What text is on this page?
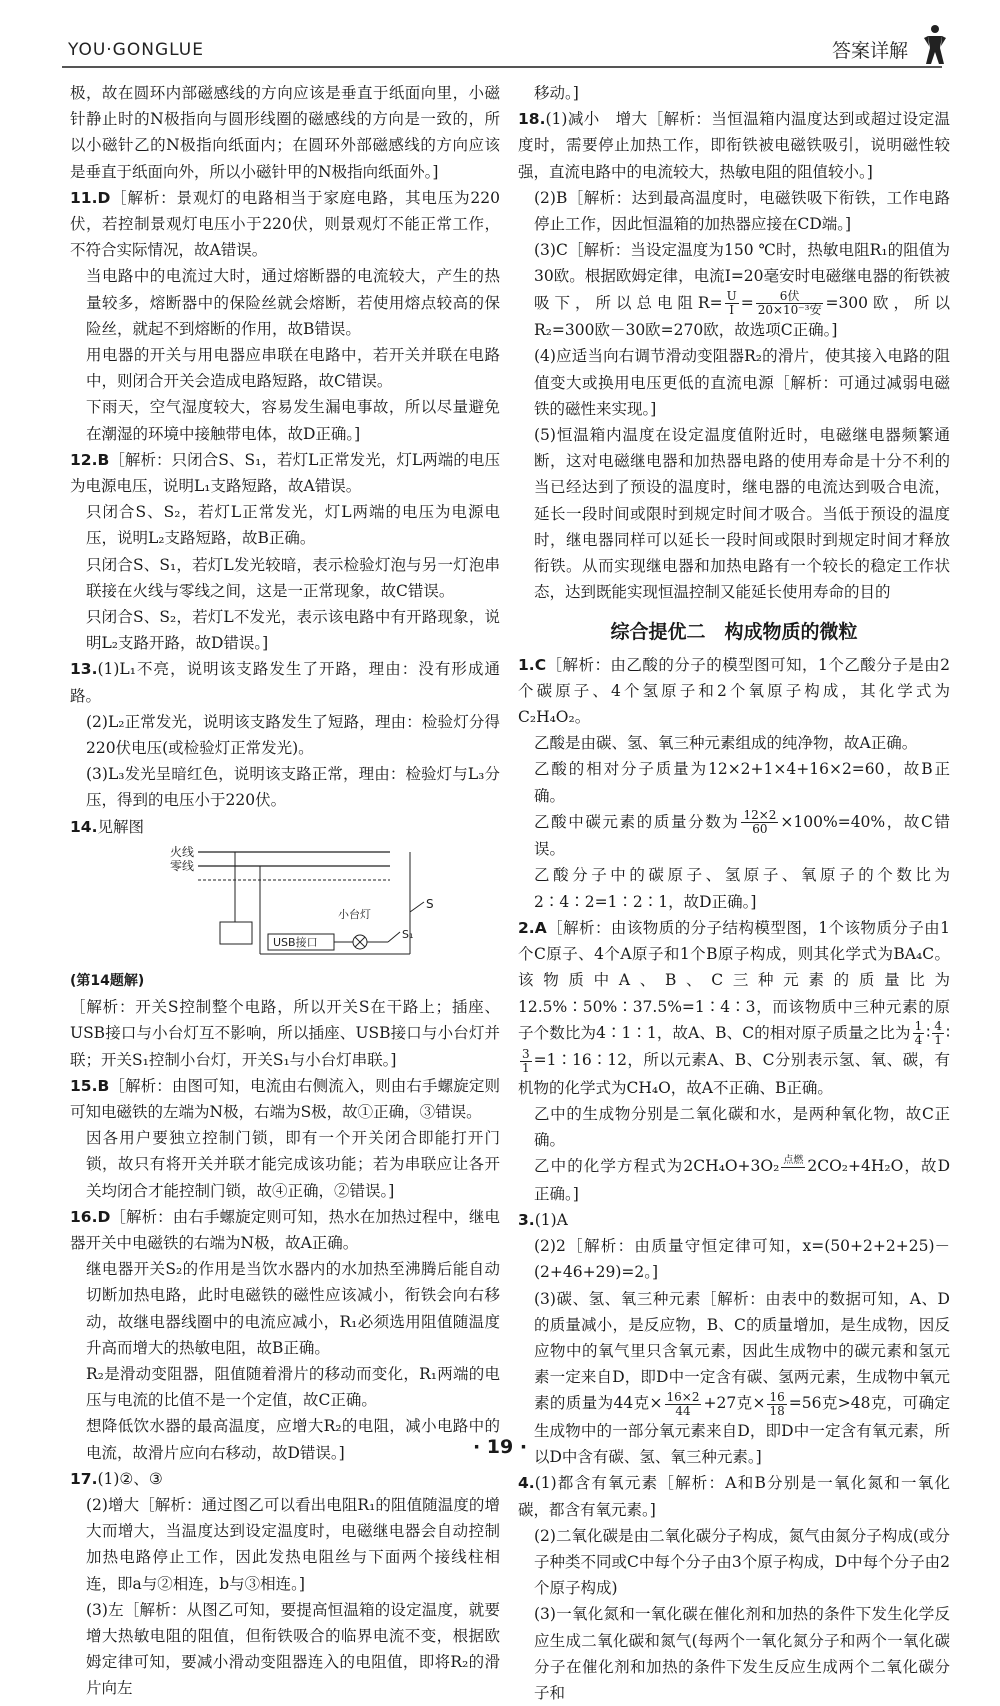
YOU·GONGLUE	答案详解

极，故在圆环内部磁感线的方向应该是垂直于纸面向里，小磁针静止时的N极指向与圆形线圈的磁感线的方向是一致的，所以小磁针乙的N极指向纸面内；在圆环外部磁感线的方向应该是垂直于纸面向外，所以小磁针甲的N极指向纸面外。]

11.D［解析：景观灯的电路相当于家庭电路，其电压为220伏，若控制景观灯电压小于220伏，则景观灯不能正常工作，不符合实际情况，故A错误。

当电路中的电流过大时，通过熔断器的电流较大，产生的热量较多，熔断器中的保险丝就会熔断，若使用熔点较高的保险丝，就起不到熔断的作用，故B错误。

用电器的开关与用电器应串联在电路中，若开关并联在电路中，则闭合开关会造成电路短路，故C错误。

下雨天，空气湿度较大，容易发生漏电事故，所以尽量避免在潮湿的环境中接触带电体，故D正确。]

12.B［解析：只闭合S、S₁，若灯L正常发光，灯L两端的电压为电源电压，说明L₁支路短路，故A错误。

只闭合S、S₂，若灯L正常发光，灯L两端的电压为电源电压，说明L₂支路短路，故B正确。

只闭合S、S₁，若灯L发光较暗，表示检验灯泡与另一灯泡串联接在火线与零线之间，这是一正常现象，故C错误。

只闭合S、S₂，若灯L不发光，表示该电路中有开路现象，说明L₂支路开路，故D错误。]

13.(1)L₁不亮，说明该支路发生了开路，理由：没有形成通路。

(2)L₂正常发光，说明该支路发生了短路，理由：检验灯分得220伏电压(或检验灯正常发光)。

(3)L₃发光呈暗红色，说明该支路正常，理由：检验灯与L₃分压，得到的电压小于220伏。

14.见解图

火线
零线
USB接口
小台灯
S₁
S

(第14题解)

［解析：开关S控制整个电路，所以开关S在干路上；插座、USB接口与小台灯互不影响，所以插座、USB接口与小台灯并联；开关S₁控制小台灯，开关S₁与小台灯串联。]

15.B［解析：由图可知，电流由右侧流入，则由右手螺旋定则可知电磁铁的左端为N极，右端为S极，故①正确，③错误。

因各用户要独立控制门锁，即有一个开关闭合即能打开门锁，故只有将开关并联才能完成该功能；若为串联应让各开关均闭合才能控制门锁，故④正确，②错误。]

16.D［解析：由右手螺旋定则可知，热水在加热过程中，继电器开关中电磁铁的右端为N极，故A正确。

继电器开关S₂的作用是当饮水器内的水加热至沸腾后能自动切断加热电路，此时电磁铁的磁性应该减小，衔铁会向右移动，故继电器线圈中的电流应减小，R₁必须选用阻值随温度升高而增大的热敏电阻，故B正确。

R₂是滑动变阻器，阻值随着滑片的移动而变化，R₁两端的电压与电流的比值不是一个定值，故C正确。

想降低饮水器的最高温度，应增大R₂的电阻，减小电路中的电流，故滑片应向右移动，故D错误。]

17.(1)②、③

(2)增大［解析：通过图乙可以看出电阻R₁的阻值随温度的增大而增大，当温度达到设定温度时，电磁继电器会自动控制加热电路停止工作，因此发热电阻丝与下面两个接线柱相连，即a与②相连，b与③相连。]

(3)左［解析：从图乙可知，要提高恒温箱的设定温度，就要增大热敏电阻的阻值，但衔铁吸合的临界电流不变，根据欧姆定律可知，要减小滑动变阻器连入的电阻值，即将R₂的滑片向左

移动。]

18.(1)减小　增大［解析：当恒温箱内温度达到或超过设定温度时，需要停止加热工作，即衔铁被电磁铁吸引，说明磁性较强，直流电路中的电流较大，热敏电阻的阻值较小。]

(2)B［解析：达到最高温度时，电磁铁吸下衔铁，工作电路停止工作，因此恒温箱的加热器应接在CD端。]

(3)C［解析：当设定温度为150 ℃时，热敏电阻R₁的阻值为30欧。根据欧姆定律，电流I=20毫安时电磁继电器的衔铁被吸下，所以总电阻$R= \frac{U}{I} = \frac{\text{6伏}}{\text{20×10⁻³安}} =300$欧，所以R₂=300欧－30欧=270欧，故选项C正确。]

(4)应适当向右调节滑动变阻器R₂的滑片，使其接入电路的阻值变大或换用电压更低的直流电源［解析：可通过减弱电磁铁的磁性来实现。]

(5)恒温箱内温度在设定温度值附近时，电磁继电器频繁通断，这对电磁继电器和加热器电路的使用寿命是十分不利的　当已经达到了预设的温度时，继电器的电流达到吸合电流，延长一段时间或限时到规定时间才吸合。当低于预设的温度时，继电器同样可以延长一段时间或限时到规定时间才释放衔铁。从而实现继电器和加热电路有一个较长的稳定工作状态，达到既能实现恒温控制又能延长使用寿命的目的

综合提优二　构成物质的微粒

1.C［解析：由乙酸的分子的模型图可知，1个乙酸分子是由2个碳原子、4个氢原子和2个氧原子构成，其化学式为C₂H₄O₂。

乙酸是由碳、氢、氧三种元素组成的纯净物，故A正确。

乙酸的相对分子质量为12×2+1×4+16×2=60，故B正确。

乙酸中碳元素的质量分数为 $\frac{12\times 2}{60} \times 100\%=40\%$，故C错误。

乙酸分子中的碳原子、氢原子、氧原子的个数比为2∶4∶2=1∶2∶1，故D正确。]

2.A［解析：由该物质的分子结构模型图，1个该物质分子由1个C原子、4个A原子和1个B原子构成，则其化学式为BA₄C。该物质中A、B、C三种元素的质量比为12.5%∶50%∶37.5%=1∶4∶3，而该物质中三种元素的原子个数比为4∶1∶1，故A、B、C的相对原子质量之比为 $\frac{1}{4}$ ∶ $\frac{4}{1}$ ∶
$\frac{3}{1}$ =1∶16∶12，所以元素A、B、C分别表示氢、氧、碳，有机物的化学式为CH₄O，故A不正确、B正确。

乙中的生成物分别是二氧化碳和水，是两种氧化物，故C正确。

乙中的化学方程式为2CH₄O+3O₂ 点燃
2CO₂+4H₂O，故D正确。]

3.(1)A

(2)2［解析：由质量守恒定律可知，x=(50+2+2+25)－(2+46+29)=2。]

(3)碳、氢、氧三种元素［解析：由表中的数据可知，A、D的质量减小，是反应物，B、C的质量增加，是生成物，因反应物中的氧气里只含氧元素，因此生成物中的碳元素和氢元素一定来自D，即D中一定含有碳、氢两元素，生成物中氧元素的质量为44克× $\frac{16\times 2}{44} +27$克× $\frac{16}{18} =56$克>48克，可确定生成物中的一部分氧元素来自D，即D中一定含有氧元素，所以D中含有碳、氢、氧三种元素。]

4.(1)都含有氧元素［解析：A和B分别是一氧化氮和一氧化碳，都含有氧元素。]

(2)二氧化碳是由二氧化碳分子构成，氮气由氮分子构成(或分子种类不同或C中每个分子由3个原子构成，D中每个分子由2个原子构成)

(3)一氧化氮和一氧化碳在催化剂和加热的条件下发生化学反应生成二氧化碳和氮气(每两个一氧化氮分子和两个一氧化碳分子在催化剂和加热的条件下发生反应生成两个二氧化碳分子和

· 19 ·
